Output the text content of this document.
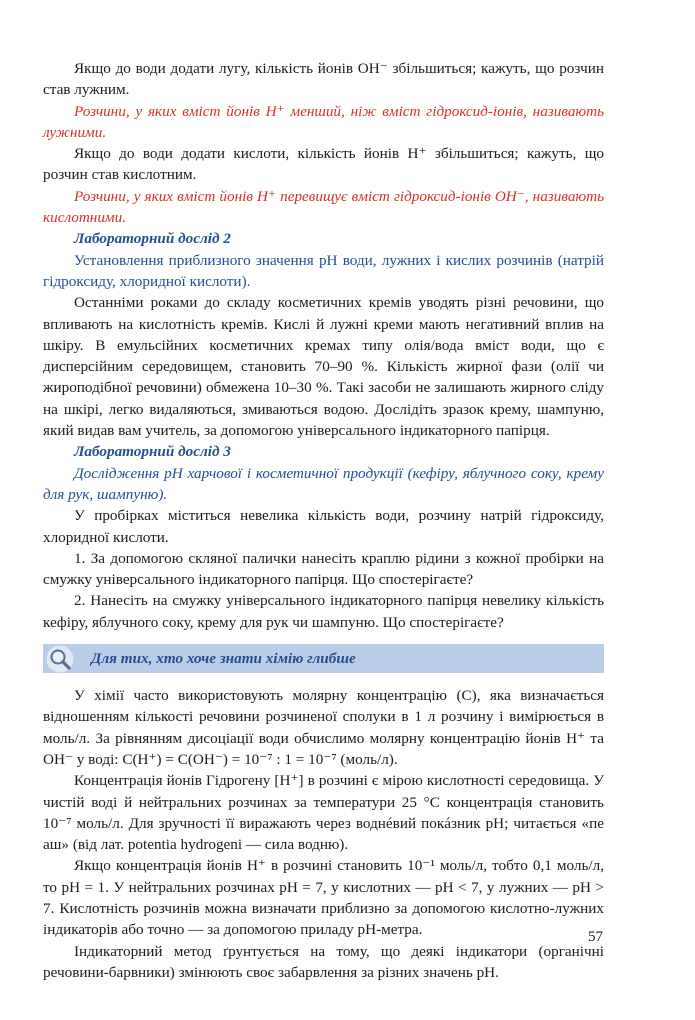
Якщо до води додати лугу, кількість йонів OH⁻ збільшиться; кажуть, що розчин став лужним.

Розчини, у яких вміст йонів H⁺ менший, ніж вміст гідроксид-іонів, називають лужними.

Якщо до води додати кислоти, кількість йонів H⁺ збільшиться; кажуть, що розчин став кислотним.

Розчини, у яких вміст йонів H⁺ перевищує вміст гідроксид-іонів OH⁻, називають кислотними.

Лабораторний дослід 2

Установлення приблизного значення pH води, лужних і кислих розчинів (натрій гідроксиду, хлоридної кислоти).

Останніми роками до складу косметичних кремів уводять різні речовини, що впливають на кислотність кремів. Кислі й лужні креми мають негативний вплив на шкіру. В емульсійних косметичних кремах типу олія/вода вміст води, що є дисперсійним середовищем, становить 70–90 %. Кількість жирної фази (олії чи жироподібної речовини) обмежена 10–30 %. Такі засоби не залишають жирного сліду на шкірі, легко видаляються, змиваються водою. Дослідіть зразок крему, шампуню, який видав вам учитель, за допомогою універсального індикаторного папірця.

Лабораторний дослід 3

Дослідження pH харчової і косметичної продукції (кефіру, яблучного соку, крему для рук, шампуню).

У пробірках міститься невелика кількість води, розчину натрій гідроксиду, хлоридної кислоти.

1. За допомогою скляної палички нанесіть краплю рідини з кожної пробірки на смужку універсального індикаторного папірця. Що спостерігаєте?

2. Нанесіть на смужку універсального індикаторного папірця невелику кількість кефіру, яблучного соку, крему для рук чи шампуню. Що спостерігаєте?

Для тих, хто хоче знати хімію глибше

У хімії часто використовують молярну концентрацію (С), яка визначається відношенням кількості речовини розчиненої сполуки в 1 л розчину і вимірюється в моль/л. За рівнянням дисоціації води обчислимо молярну концентрацію йонів H⁺ та OH⁻ у воді: C(H⁺) = C(OH⁻) = 10⁻⁷ : 1 = 10⁻⁷ (моль/л).

Концентрація йонів Гідрогену [H⁺] в розчині є мірою кислотності середовища. У чистій воді й нейтральних розчинах за температури 25 °С концентрація становить 10⁻⁷ моль/л. Для зручності її виражають через воднéвий покáзник pH; читається «пе аш» (від лат. potentia hydrogeni — сила водню).

Якщо концентрація йонів H⁺ в розчині становить 10⁻¹ моль/л, тобто 0,1 моль/л, то pH = 1. У нейтральних розчинах pH = 7, у кислотних — pH < 7, у лужних — pH > 7. Кислотність розчинів можна визначати приблизно за допомогою кислотно-лужних індикаторів або точно — за допомогою приладу pH-метра.

Індикаторний метод ґрунтується на тому, що деякі індикатори (органічні речовини-барвники) змінюють своє забарвлення за різних значень pH.

57
